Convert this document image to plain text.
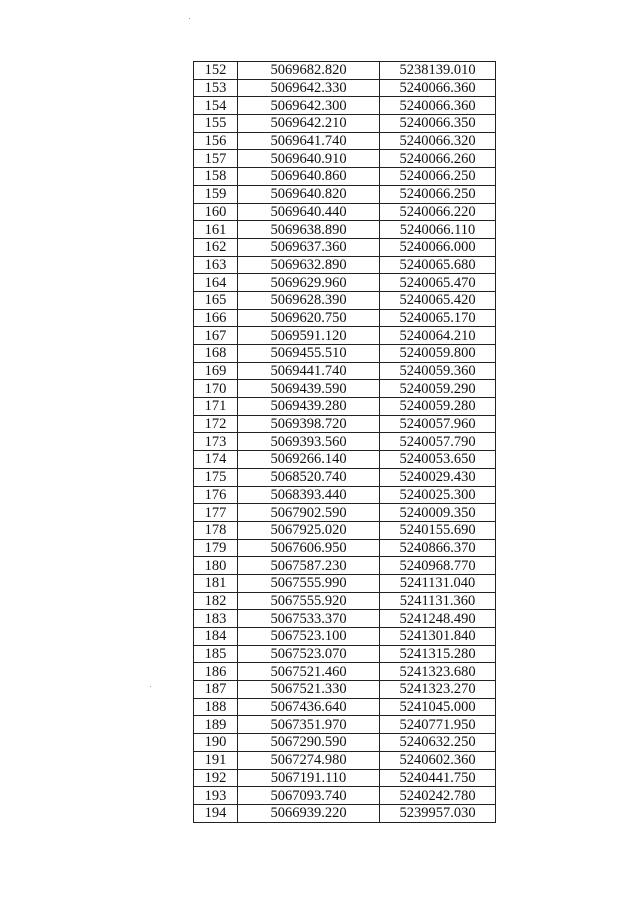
152	5069682.820	5238139.010
153	5069642.330	5240066.360
154	5069642.300	5240066.360
155	5069642.210	5240066.350
156	5069641.740	5240066.320
157	5069640.910	5240066.260
158	5069640.860	5240066.250
159	5069640.820	5240066.250
160	5069640.440	5240066.220
161	5069638.890	5240066.110
162	5069637.360	5240066.000
163	5069632.890	5240065.680
164	5069629.960	5240065.470
165	5069628.390	5240065.420
166	5069620.750	5240065.170
167	5069591.120	5240064.210
168	5069455.510	5240059.800
169	5069441.740	5240059.360
170	5069439.590	5240059.290
171	5069439.280	5240059.280
172	5069398.720	5240057.960
173	5069393.560	5240057.790
174	5069266.140	5240053.650
175	5068520.740	5240029.430
176	5068393.440	5240025.300
177	5067902.590	5240009.350
178	5067925.020	5240155.690
179	5067606.950	5240866.370
180	5067587.230	5240968.770
181	5067555.990	5241131.040
182	5067555.920	5241131.360
183	5067533.370	5241248.490
184	5067523.100	5241301.840
185	5067523.070	5241315.280
186	5067521.460	5241323.680
187	5067521.330	5241323.270
188	5067436.640	5241045.000
189	5067351.970	5240771.950
190	5067290.590	5240632.250
191	5067274.980	5240602.360
192	5067191.110	5240441.750
193	5067093.740	5240242.780
194	5066939.220	5239957.030
